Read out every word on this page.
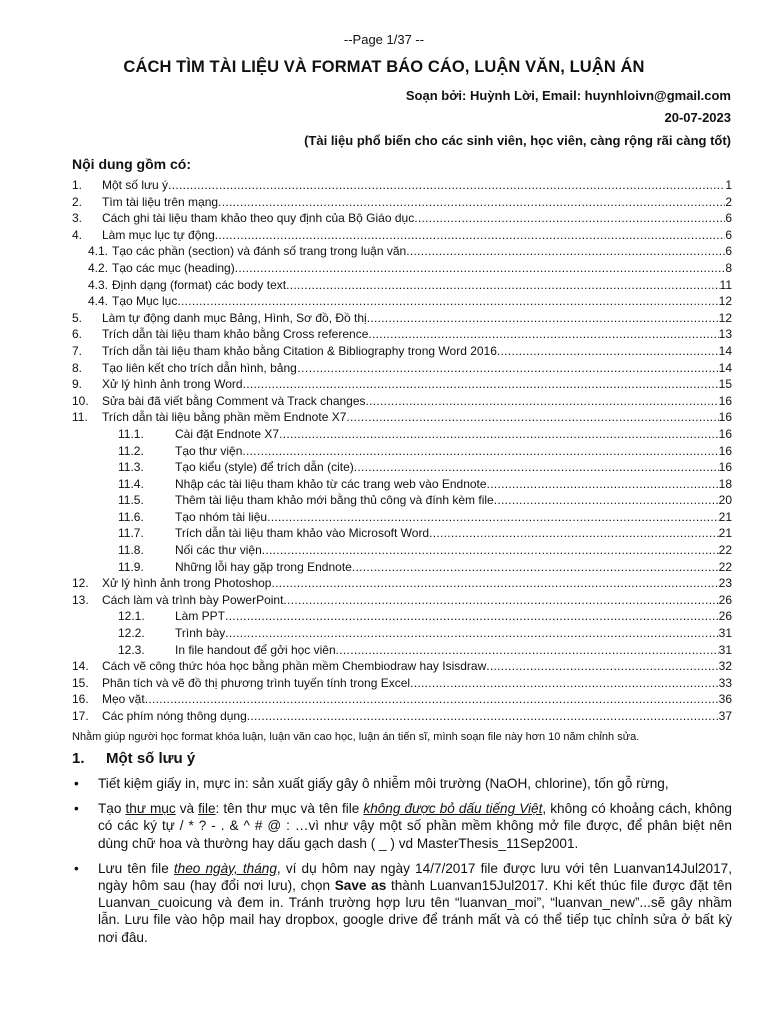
--Page 1/37 --
CÁCH TÌM TÀI LIỆU VÀ FORMAT BÁO CÁO, LUẬN VĂN, LUẬN ÁN
Soạn bởi: Huỳnh Lời, Email: huynhloivn@gmail.com
20-07-2023
(Tài liệu phổ biến cho các sinh viên, học viên, càng rộng rãi càng tốt)
Nội dung gồm có:
1.	Một số lưu ý .....	1
2.	Tìm tài liệu trên mạng .....	2
3.	Cách ghi tài liệu tham khảo theo quy định của Bộ Giáo dục .....	6
4.	Làm mục lục tự động .....	6
4.1. Tạo các phần (section) và đánh số trang trong luận văn .....	6
4.2. Tạo các mục (heading) .....	8
4.3. Định dạng (format) các body text .....	11
4.4. Tạo Mục lục .....	12
5.	Làm tự động danh mục Bảng, Hình, Sơ đồ, Đồ thị .....	12
6.	Trích dẫn tài liệu tham khảo bằng Cross reference .....	13
7.	Trích dẫn tài liệu tham khảo bằng Citation & Bibliography trong Word 2016 .....	14
8.	Tạo liên kết cho trích dẫn hình, bảng… .....	14
9.	Xử lý hình ảnh trong Word .....	15
10.	Sửa bài đã viết bằng Comment và Track changes .....	16
11.	Trích dẫn tài liệu bằng phần mềm Endnote X7 .....	16
11.1.	Cài đặt Endnote X7 .....	16
11.2.	Tạo thư viện .....	16
11.3.	Tạo kiểu (style) để trích dẫn (cite) .....	16
11.4.	Nhập các tài liệu tham khảo từ các trang web vào Endnote .....	18
11.5.	Thêm tài liệu tham khảo mới bằng thủ công và đính kèm file .....	20
11.6.	Tạo nhóm tài liệu .....	21
11.7.	Trích dẫn tài liệu tham khảo vào Microsoft Word .....	21
11.8.	Nối các thư viện .....	22
11.9.	Những lỗi hay gặp trong Endnote .....	22
12.	Xử lý hình ảnh trong Photoshop .....	23
13.	Cách làm và trình bày PowerPoint .....	26
12.1.	Làm PPT .....	26
12.2.	Trình bày .....	31
12.3.	In file handout để gởi học viên .....	31
14.	Cách vẽ công thức hóa học bằng phần mềm Chembiodraw hay Isisdraw .....	32
15.	Phân tích và vẽ đồ thị phương trình tuyến tính trong Excel .....	33
16.	Mẹo vặt .....	36
17.	Các phím nóng thông dụng .....	37
Nhằm giúp người học format khóa luận, luận văn cao học, luận án tiến sĩ, mình soạn file này hơn 10 năm chỉnh sửa.
1. Một số lưu ý
• Tiết kiệm giấy in, mực in: sản xuất giấy gây ô nhiễm môi trường (NaOH, chlorine), tốn gỗ rừng,
• Tạo thư mục và file: tên thư mục và tên file không được bỏ dấu tiếng Việt, không có khoảng cách, không có các ký tự / * ? - . & ^ # @ : …vì như vậy một số phần mềm không mở file được, để phân biệt nên dùng chữ hoa và thường hay dấu gạch dash ( _ ) vd MasterThesis_11Sep2001.
• Lưu tên file theo ngày, tháng, ví dụ hôm nay ngày 14/7/2017 file được lưu với tên Luanvan14Jul2017, ngày hôm sau (hay đổi nơi lưu), chọn Save as thành Luanvan15Jul2017. Khi kết thúc file được đặt tên Luanvan_cuoicung và đem in. Tránh trường hợp lưu tên “luanvan_moi”, “luanvan_new”...sẽ gây nhầm lẫn. Lưu file vào hộp mail hay dropbox, google drive để tránh mất và có thể tiếp tục chỉnh sửa ở bất kỳ nơi đâu.
